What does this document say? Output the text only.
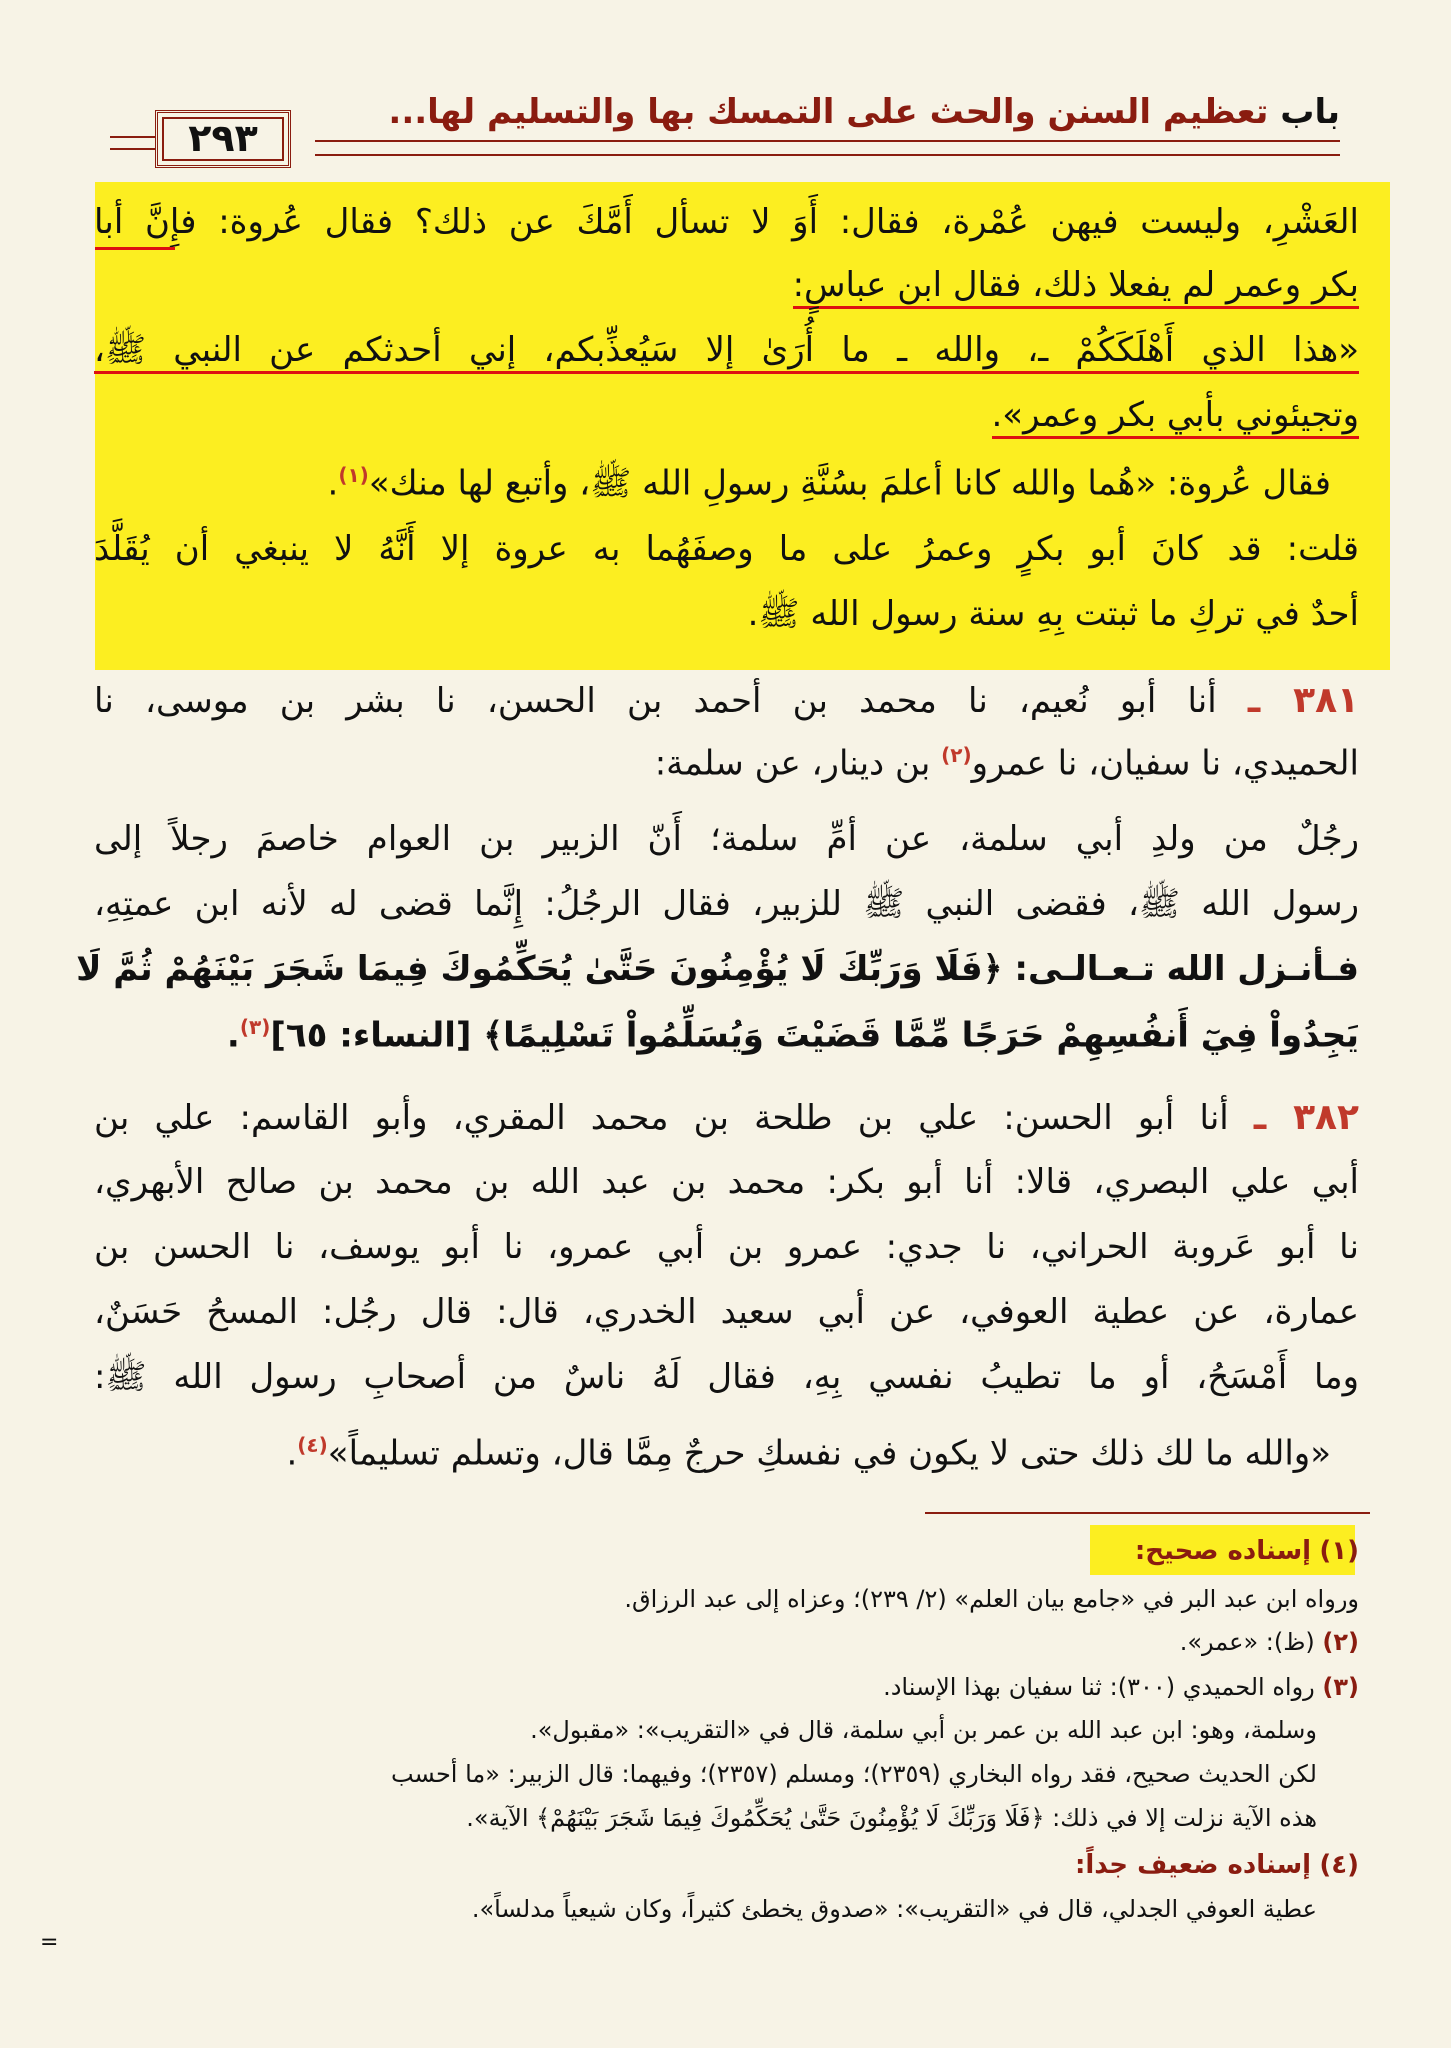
باب تعظيم السنن والحث على التمسك بها والتسليم لها...
٢٩٣
العَشْرِ، وليست فيهن عُمْرة، فقال: أَوَ لا تسأل أَمَّكَ عن ذلك؟ فقال عُروة: فإِنَّ أبا
بكر وعمر لم يفعلا ذلك، فقال ابن عباسٍ:
«هذا الذي أَهْلَكَكُمْ ـ، والله ـ ما أُرَىٰ إلا سَيُعذِّبكم، إني أحدثكم عن النبي ﷺ،
وتجيئوني بأبي بكر وعمر».
فقال عُروة: «هُما والله كانا أعلمَ بسُنَّةِ رسولِ الله ﷺ، وأتبع لها منك»$^{(١)}$.
قلت: قد كانَ أبو بكرٍ وعمرُ على ما وصفَهُما به عروة إلا أَنَّهُ لا ينبغي أن يُقَلَّدَ
أحدٌ في تركِ ما ثبتت بِهِ سنة رسول الله ﷺ.
٣٨١ ـ أنا أبو نُعيم، نا محمد بن أحمد بن الحسن، نا بشر بن موسى، نا
الحميدي، نا سفيان، نا عمرو$^{(٢)}$ بن دينار، عن سلمة:
رجُلٌ من ولدِ أبي سلمة، عن أمِّ سلمة؛ أَنّ الزبير بن العوام خاصمَ رجلاً إلى
رسول الله ﷺ، فقضى النبي ﷺ للزبير، فقال الرجُلُ: إِنَّما قضى له لأنه ابن عمتِهِ،
فـأنـزل الله تـعـالـى: ﴿فَلَا وَرَبِّكَ لَا يُؤْمِنُونَ حَتَّىٰ يُحَكِّمُوكَ فِيمَا شَجَرَ بَيْنَهُمْ ثُمَّ لَا
يَجِدُواْ فِيٓ أَنفُسِهِمْ حَرَجًا مِّمَّا قَضَيْتَ وَيُسَلِّمُواْ تَسْلِيمًا﴾ [النساء: ٦٥]$^{(٣)}$.
٣٨٢ ـ أنا أبو الحسن: علي بن طلحة بن محمد المقري، وأبو القاسم: علي بن
أبي علي البصري، قالا: أنا أبو بكر: محمد بن عبد الله بن محمد بن صالح الأبهري،
نا أبو عَروبة الحراني، نا جدي: عمرو بن أبي عمرو، نا أبو يوسف، نا الحسن بن
عمارة، عن عطية العوفي، عن أبي سعيد الخدري، قال: قال رجُل: المسحُ حَسَنٌ،
وما أَمْسَحُ، أو ما تطيبُ نفسي بِهِ، فقال لَهُ ناسٌ من أصحابِ رسول الله ﷺ:
«والله ما لك ذلك حتى لا يكون في نفسكِ حرجٌ مِمَّا قال، وتسلم تسليماً»$^{(٤)}$.
(١) إسناده صحيح:
ورواه ابن عبد البر في «جامع بيان العلم» (٢/ ٢٣٩)؛ وعزاه إلى عبد الرزاق.
(٢) (ظ): «عمر».
(٣) رواه الحميدي (٣٠٠): ثنا سفيان بهذا الإسناد.
وسلمة، وهو: ابن عبد الله بن عمر بن أبي سلمة، قال في «التقريب»: «مقبول».
لكن الحديث صحيح، فقد رواه البخاري (٢٣٥٩)؛ ومسلم (٢٣٥٧)؛ وفيهما: قال الزبير: «ما أحسب
هذه الآية نزلت إلا في ذلك: ﴿فَلَا وَرَبِّكَ لَا يُؤْمِنُونَ حَتَّىٰ يُحَكِّمُوكَ فِيمَا شَجَرَ بَيْنَهُمْ﴾ الآية».
(٤) إسناده ضعيف جداً:
عطية العوفي الجدلي، قال في «التقريب»: «صدوق يخطئ كثيراً، وكان شيعياً مدلساً».
=
